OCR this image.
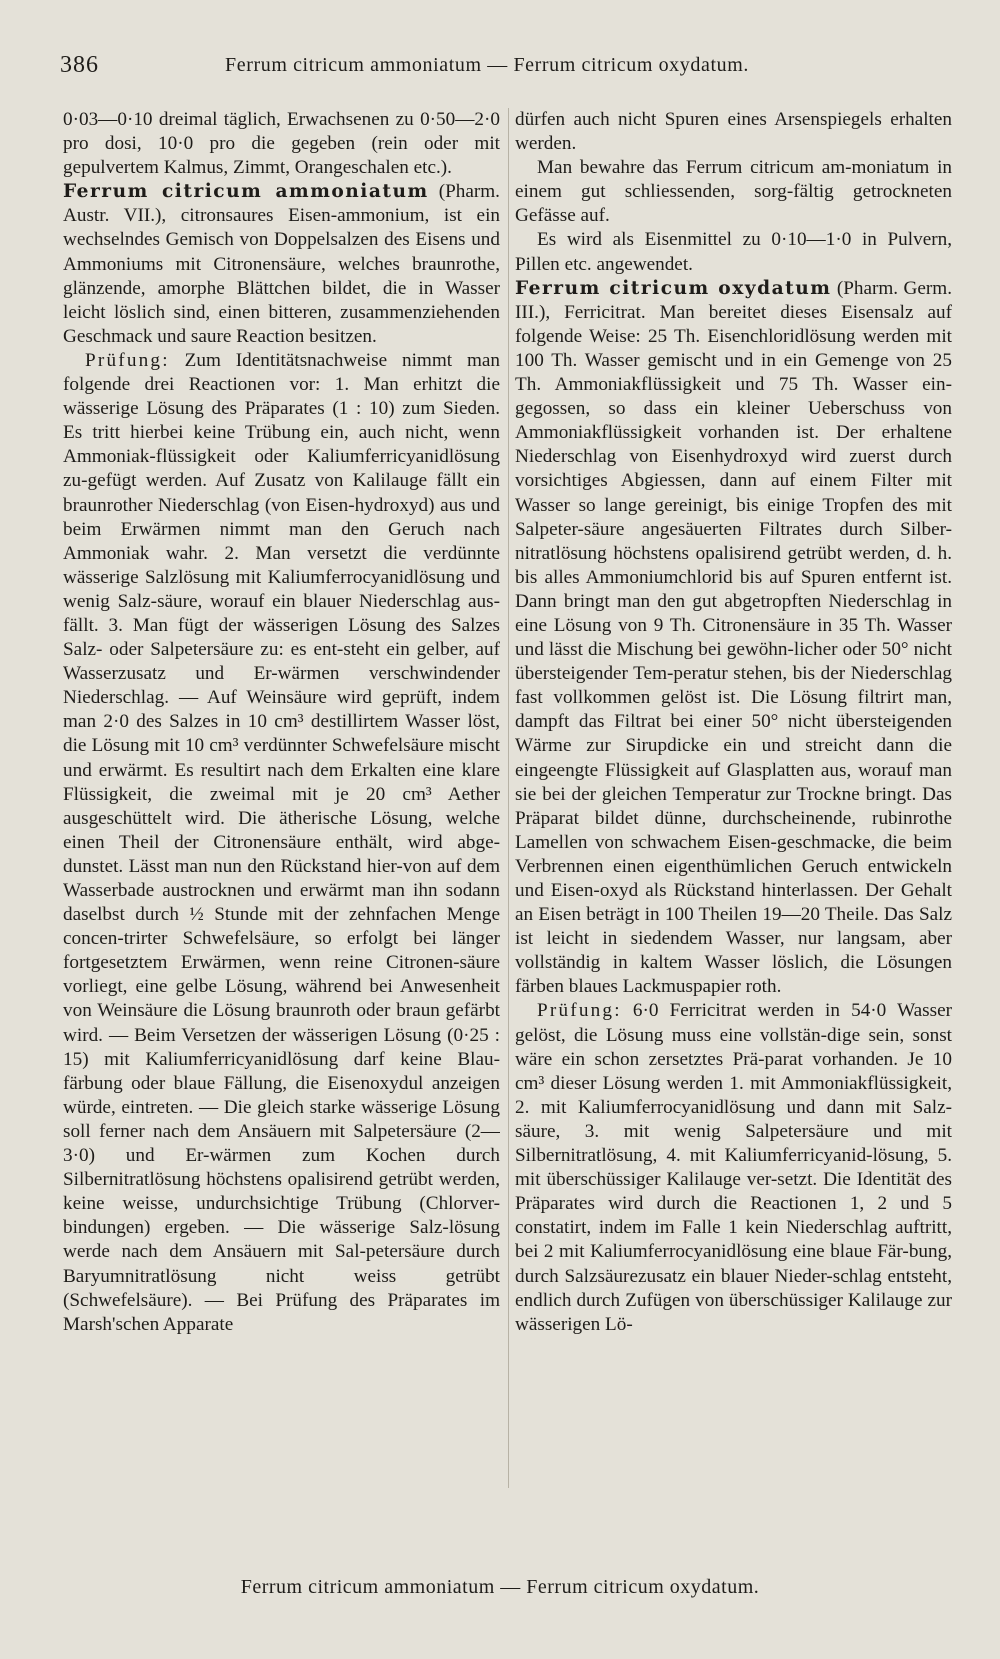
386	Ferrum citricum ammoniatum — Ferrum citricum oxydatum.

0·03—0·10 dreimal täglich, Erwachsenen zu 0·50—2·0 pro dosi, 10·0 pro die gegeben (rein oder mit gepulvertem Kalmus, Zimmt, Orangeschalen etc.).

Ferrum citricum ammoniatum (Pharm. Austr. VII.), citronsaures Eisen-ammonium, ist ein wechselndes Gemisch von Doppelsalzen des Eisens und Ammoniums mit Citronensäure, welches braunrothe, glänzende, amorphe Blättchen bildet, die in Wasser leicht löslich sind, einen bitteren, zusammenziehenden Geschmack und saure Reaction besitzen.

Prüfung: Zum Identitätsnachweise nimmt man folgende drei Reactionen vor: 1. Man erhitzt die wässerige Lösung des Präparates (1 : 10) zum Sieden. Es tritt hierbei keine Trübung ein, auch nicht, wenn Ammoniak-flüssigkeit oder Kaliumferricyanidlösung zu-gefügt werden. Auf Zusatz von Kalilauge fällt ein braunrother Niederschlag (von Eisen-hydroxyd) aus und beim Erwärmen nimmt man den Geruch nach Ammoniak wahr. 2. Man versetzt die verdünnte wässerige Salzlösung mit Kaliumferrocyanidlösung und wenig Salz-säure, worauf ein blauer Niederschlag aus-fällt. 3. Man fügt der wässerigen Lösung des Salzes Salz- oder Salpetersäure zu: es ent-steht ein gelber, auf Wasserzusatz und Er-wärmen verschwindender Niederschlag. — Auf Weinsäure wird geprüft, indem man 2·0 des Salzes in 10 cm³ destillirtem Wasser löst, die Lösung mit 10 cm³ verdünnter Schwefelsäure mischt und erwärmt. Es resultirt nach dem Erkalten eine klare Flüssigkeit, die zweimal mit je 20 cm³ Aether ausgeschüttelt wird. Die ätherische Lösung, welche einen Theil der Citronensäure enthält, wird abge-dunstet. Lässt man nun den Rückstand hier-von auf dem Wasserbade austrocknen und erwärmt man ihn sodann daselbst durch ½ Stunde mit der zehnfachen Menge concen-trirter Schwefelsäure, so erfolgt bei länger fortgesetztem Erwärmen, wenn reine Citronen-säure vorliegt, eine gelbe Lösung, während bei Anwesenheit von Weinsäure die Lösung braunroth oder braun gefärbt wird. — Beim Versetzen der wässerigen Lösung (0·25 : 15) mit Kaliumferricyanidlösung darf keine Blau-färbung oder blaue Fällung, die Eisenoxydul anzeigen würde, eintreten. — Die gleich starke wässerige Lösung soll ferner nach dem Ansäuern mit Salpetersäure (2—3·0) und Er-wärmen zum Kochen durch Silbernitratlösung höchstens opalisirend getrübt werden, keine weisse, undurchsichtige Trübung (Chlorver-bindungen) ergeben. — Die wässerige Salz-lösung werde nach dem Ansäuern mit Sal-petersäure durch Baryumnitratlösung nicht weiss getrübt (Schwefelsäure). — Bei Prüfung des Präparates im Marsh'schen Apparate

dürfen auch nicht Spuren eines Arsenspiegels erhalten werden.

Man bewahre das Ferrum citricum am-moniatum in einem gut schliessenden, sorg-fältig getrockneten Gefässe auf.

Es wird als Eisenmittel zu 0·10—1·0 in Pulvern, Pillen etc. angewendet.

Ferrum citricum oxydatum (Pharm. Germ. III.), Ferricitrat. Man bereitet dieses Eisensalz auf folgende Weise: 25 Th. Eisenchloridlösung werden mit 100 Th. Wasser gemischt und in ein Gemenge von 25 Th. Ammoniakflüssigkeit und 75 Th. Wasser ein-gegossen, so dass ein kleiner Ueberschuss von Ammoniakflüssigkeit vorhanden ist. Der erhaltene Niederschlag von Eisenhydroxyd wird zuerst durch vorsichtiges Abgiessen, dann auf einem Filter mit Wasser so lange gereinigt, bis einige Tropfen des mit Salpeter-säure angesäuerten Filtrates durch Silber-nitratlösung höchstens opalisirend getrübt werden, d. h. bis alles Ammoniumchlorid bis auf Spuren entfernt ist. Dann bringt man den gut abgetropften Niederschlag in eine Lösung von 9 Th. Citronensäure in 35 Th. Wasser und lässt die Mischung bei gewöhn-licher oder 50° nicht übersteigender Tem-peratur stehen, bis der Niederschlag fast vollkommen gelöst ist. Die Lösung filtrirt man, dampft das Filtrat bei einer 50° nicht übersteigenden Wärme zur Sirupdicke ein und streicht dann die eingeengte Flüssigkeit auf Glasplatten aus, worauf man sie bei der gleichen Temperatur zur Trockne bringt. Das Präparat bildet dünne, durchscheinende, rubinrothe Lamellen von schwachem Eisen-geschmacke, die beim Verbrennen einen eigenthümlichen Geruch entwickeln und Eisen-oxyd als Rückstand hinterlassen. Der Gehalt an Eisen beträgt in 100 Theilen 19—20 Theile. Das Salz ist leicht in siedendem Wasser, nur langsam, aber vollständig in kaltem Wasser löslich, die Lösungen färben blaues Lackmuspapier roth.

Prüfung: 6·0 Ferricitrat werden in 54·0 Wasser gelöst, die Lösung muss eine vollstän-dige sein, sonst wäre ein schon zersetztes Prä-parat vorhanden. Je 10 cm³ dieser Lösung werden 1. mit Ammoniakflüssigkeit, 2. mit Kaliumferrocyanidlösung und dann mit Salz-säure, 3. mit wenig Salpetersäure und mit Silbernitratlösung, 4. mit Kaliumferricyanid-lösung, 5. mit überschüssiger Kalilauge ver-setzt. Die Identität des Präparates wird durch die Reactionen 1, 2 und 5 constatirt, indem im Falle 1 kein Niederschlag auftritt, bei 2 mit Kaliumferrocyanidlösung eine blaue Fär-bung, durch Salzsäurezusatz ein blauer Nieder-schlag entsteht, endlich durch Zufügen von überschüssiger Kalilauge zur wässerigen Lö-

Ferrum citricum ammoniatum — Ferrum citricum oxydatum.
